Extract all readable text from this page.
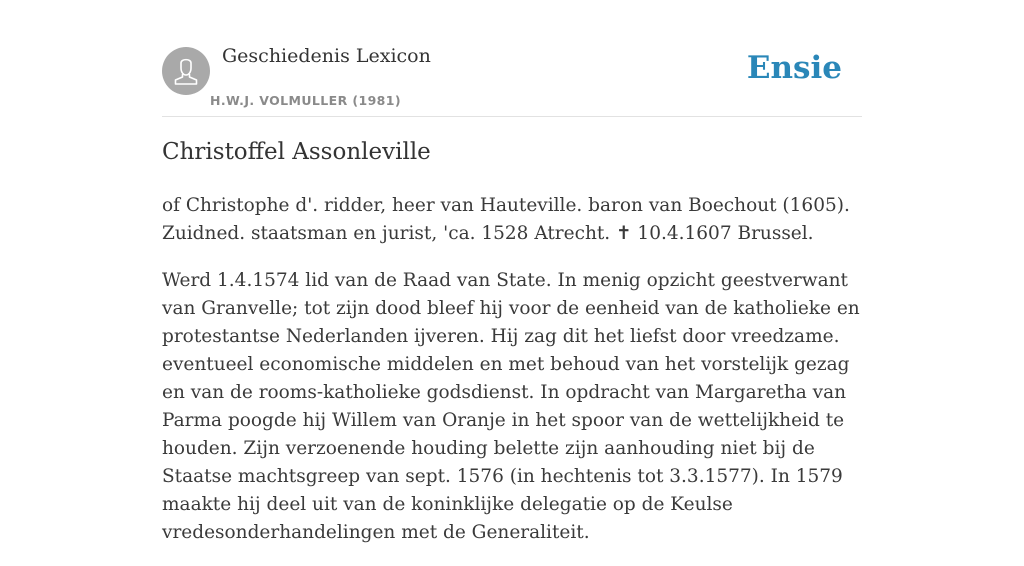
Geschiedenis Lexicon
H.W.J. VOLMULLER (1981)
Ensie
Christoffel Assonleville

of Christophe d'. ridder, heer van Hauteville. baron van Boechout (1605). Zuidned. staatsman en jurist, 'ca. 1528 Atrecht. ✝ 10.4.1607 Brussel.

Werd 1.4.1574 lid van de Raad van State. In menig opzicht geestverwant van Granvelle; tot zijn dood bleef hij voor de eenheid van de katholieke en protestantse Nederlanden ijveren. Hij zag dit het liefst door vreedzame. eventueel economische middelen en met behoud van het vorstelijk gezag en van de rooms-katholieke godsdienst. In opdracht van Margaretha van Parma poogde hij Willem van Oranje in het spoor van de wettelijkheid te houden. Zijn verzoenende houding belette zijn aanhouding niet bij de Staatse machtsgreep van sept. 1576 (in hechtenis tot 3.3.1577). In 1579 maakte hij deel uit van de koninklijke delegatie op de Keulse vredesonderhandelingen met de Generaliteit.
